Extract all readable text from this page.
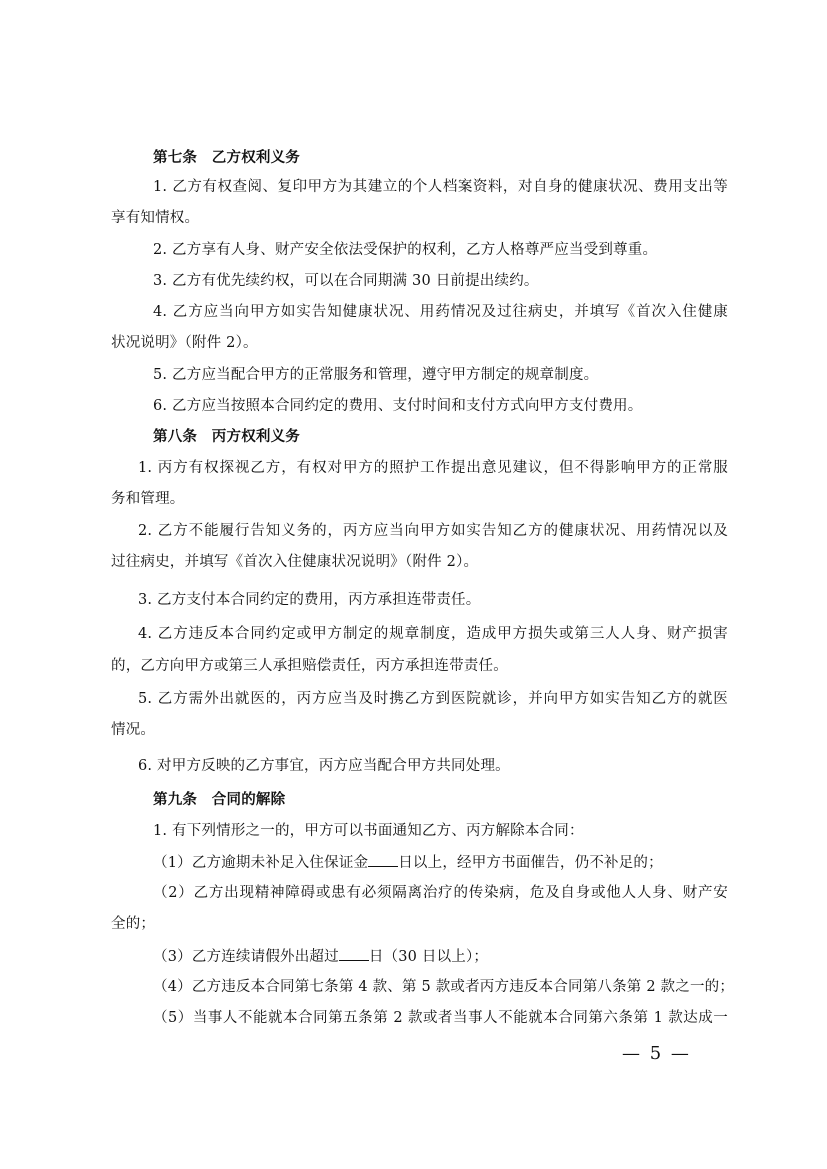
第七条　乙方权利义务
1. 乙方有权查阅、复印甲方为其建立的个人档案资料，对自身的健康状况、费用支出等
享有知情权。
2. 乙方享有人身、财产安全依法受保护的权利，乙方人格尊严应当受到尊重。
3. 乙方有优先续约权，可以在合同期满 30 日前提出续约。
4. 乙方应当向甲方如实告知健康状况、用药情况及过往病史，并填写《首次入住健康
状况说明》（附件 2）。
5. 乙方应当配合甲方的正常服务和管理，遵守甲方制定的规章制度。
6. 乙方应当按照本合同约定的费用、支付时间和支付方式向甲方支付费用。
第八条　丙方权利义务
1. 丙方有权探视乙方，有权对甲方的照护工作提出意见建议，但不得影响甲方的正常服
务和管理。
2. 乙方不能履行告知义务的，丙方应当向甲方如实告知乙方的健康状况、用药情况以及
过往病史，并填写《首次入住健康状况说明》（附件 2）。
3. 乙方支付本合同约定的费用，丙方承担连带责任。
4. 乙方违反本合同约定或甲方制定的规章制度，造成甲方损失或第三人人身、财产损害
的，乙方向甲方或第三人承担赔偿责任，丙方承担连带责任。
5. 乙方需外出就医的，丙方应当及时携乙方到医院就诊，并向甲方如实告知乙方的就医
情况。
6. 对甲方反映的乙方事宜，丙方应当配合甲方共同处理。
第九条　合同的解除
1. 有下列情形之一的，甲方可以书面通知乙方、丙方解除本合同：
（1）乙方逾期未补足入住保证金 日以上，经甲方书面催告，仍不补足的；
（2）乙方出现精神障碍或患有必须隔离治疗的传染病，危及自身或他人人身、财产安
全的；
（3）乙方连续请假外出超过 日（30 日以上）；
（4）乙方违反本合同第七条第 4 款、第 5 款或者丙方违反本合同第八条第 2 款之一的；
（5）当事人不能就本合同第五条第 2 款或者当事人不能就本合同第六条第 1 款达成一
— 5 —
